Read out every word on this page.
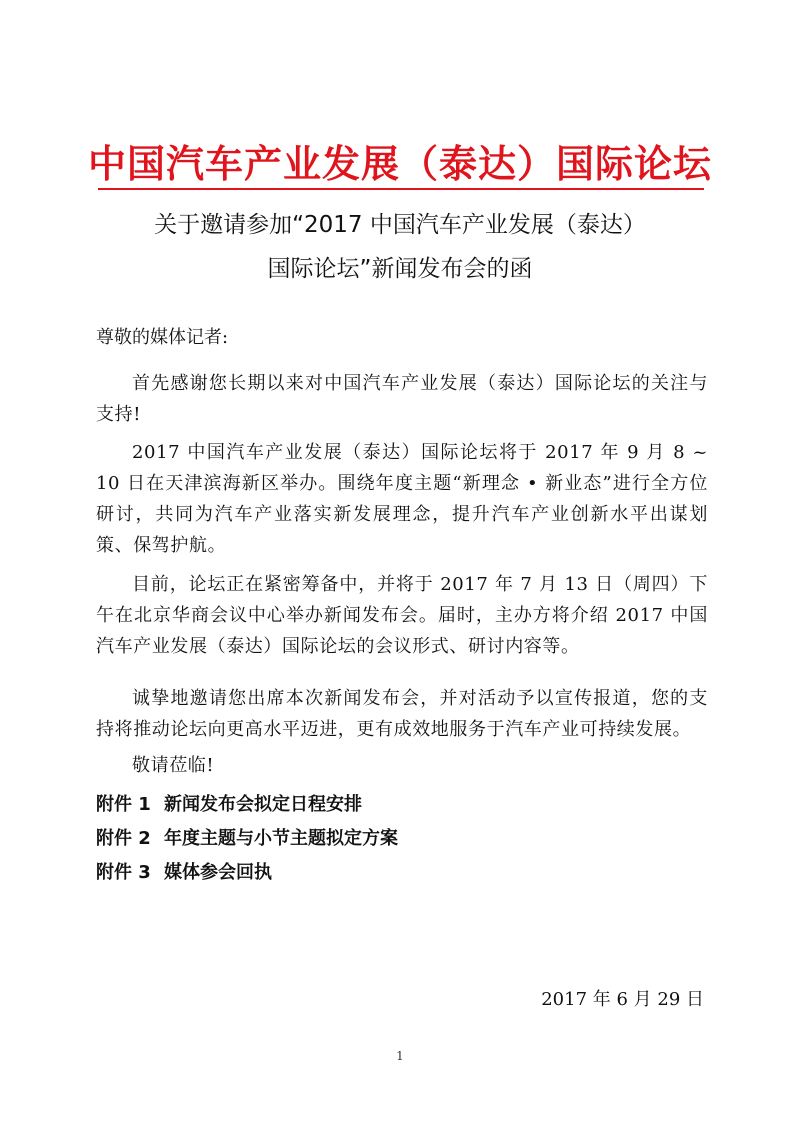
中国汽车产业发展（泰达）国际论坛
关于邀请参加“2017 中国汽车产业发展（泰达）
国际论坛”新闻发布会的函
尊敬的媒体记者:

首先感谢您长期以来对中国汽车产业发展（泰达）国际论坛的关注与支持!

2017 中国汽车产业发展（泰达）国际论坛将于 2017 年 9 月 8 ~ 10 日在天津滨海新区举办。围绕年度主题“新理念 • 新业态”进行全方位研讨，共同为汽车产业落实新发展理念，提升汽车产业创新水平出谋划策、保驾护航。

目前，论坛正在紧密筹备中，并将于 2017 年 7 月 13 日（周四）下午在北京华商会议中心举办新闻发布会。届时，主办方将介绍 2017 中国汽车产业发展（泰达）国际论坛的会议形式、研讨内容等。

诚挚地邀请您出席本次新闻发布会，并对活动予以宣传报道，您的支持将推动论坛向更高水平迈进，更有成效地服务于汽车产业可持续发展。

敬请莅临!

附件 1 新闻发布会拟定日程安排
附件 2 年度主题与小节主题拟定方案
附件 3 媒体参会回执
2017 年 6 月 29 日
1
